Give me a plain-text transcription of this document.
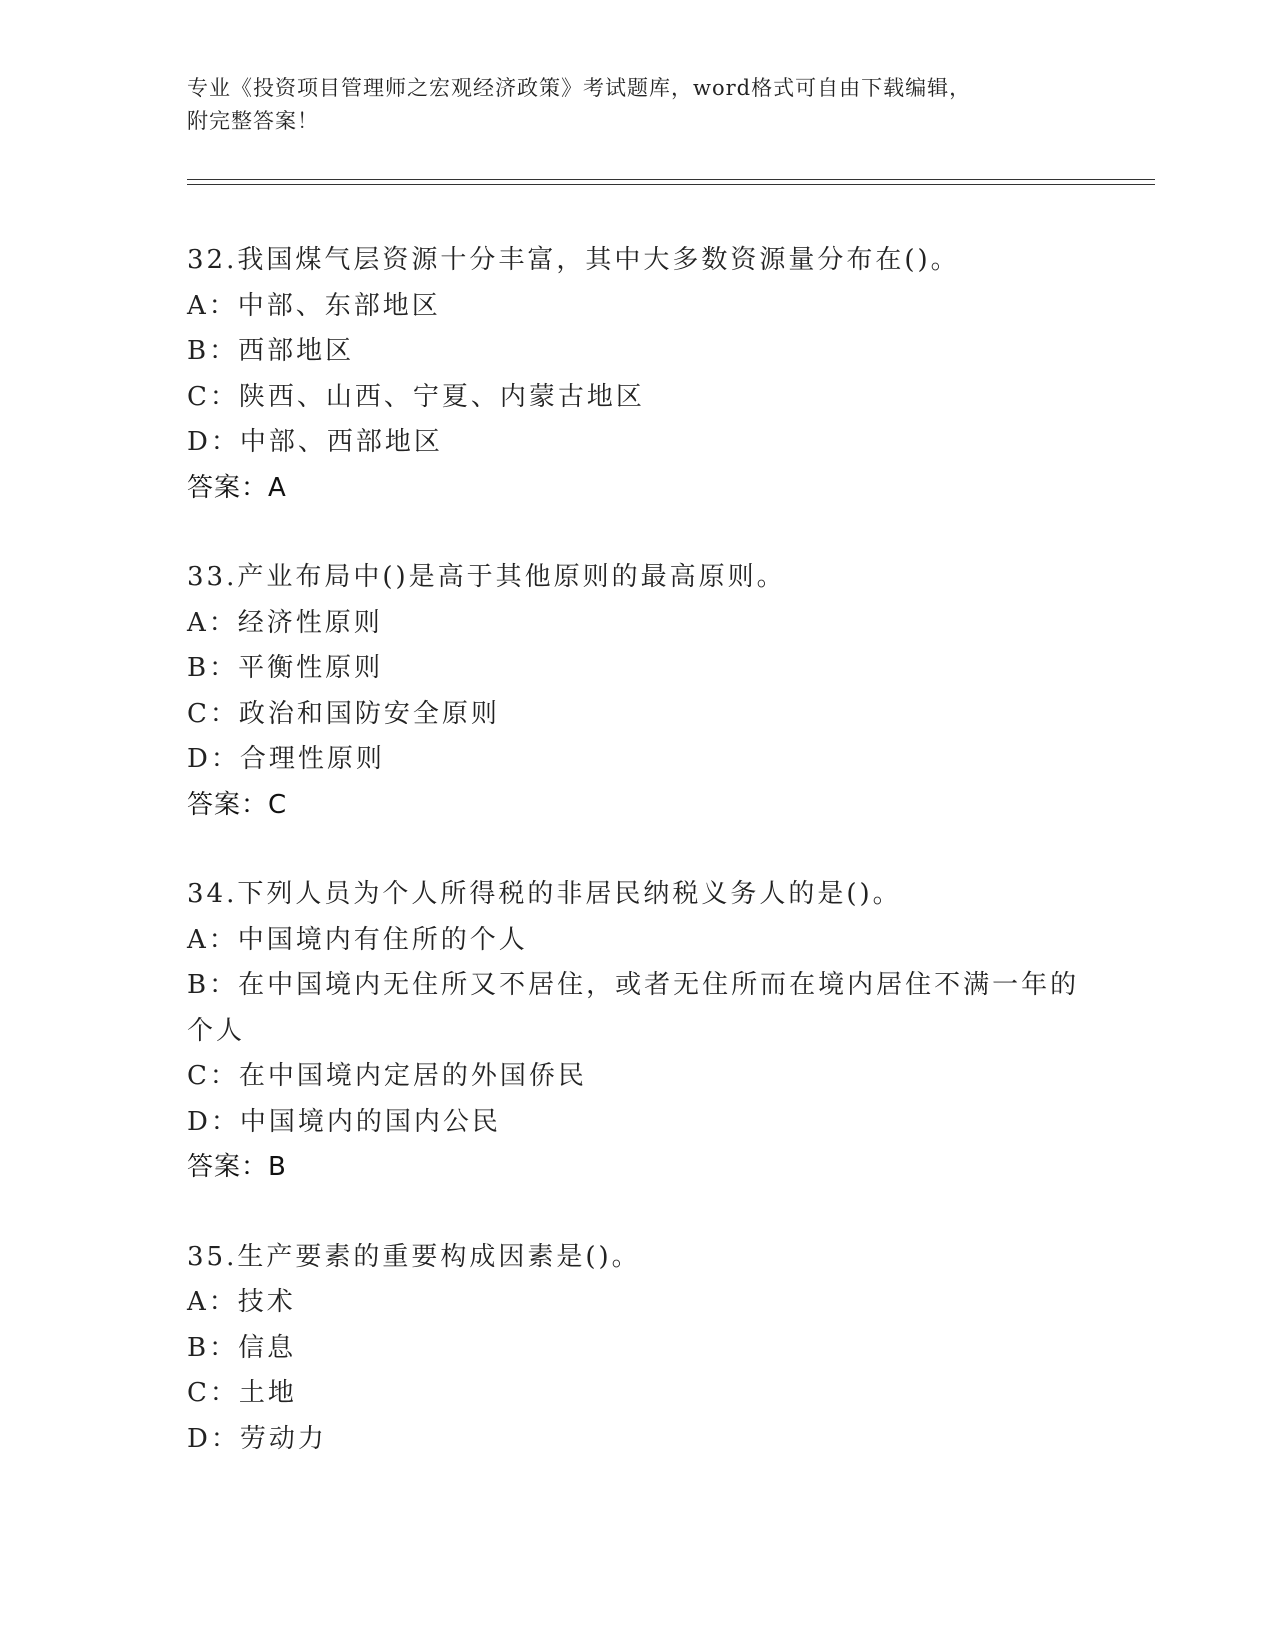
专业《投资项目管理师之宏观经济政策》考试题库，word格式可自由下载编辑，
附完整答案！
32.我国煤气层资源十分丰富，其中大多数资源量分布在()。
A：中部、东部地区
B：西部地区
C：陕西、山西、宁夏、内蒙古地区
D：中部、西部地区
答案：A
33.产业布局中()是高于其他原则的最高原则。
A：经济性原则
B：平衡性原则
C：政治和国防安全原则
D：合理性原则
答案：C
34.下列人员为个人所得税的非居民纳税义务人的是()。
A：中国境内有住所的个人
B：在中国境内无住所又不居住，或者无住所而在境内居住不满一年的个人
C：在中国境内定居的外国侨民
D：中国境内的国内公民
答案：B
35.生产要素的重要构成因素是()。
A：技术
B：信息
C：土地
D：劳动力
